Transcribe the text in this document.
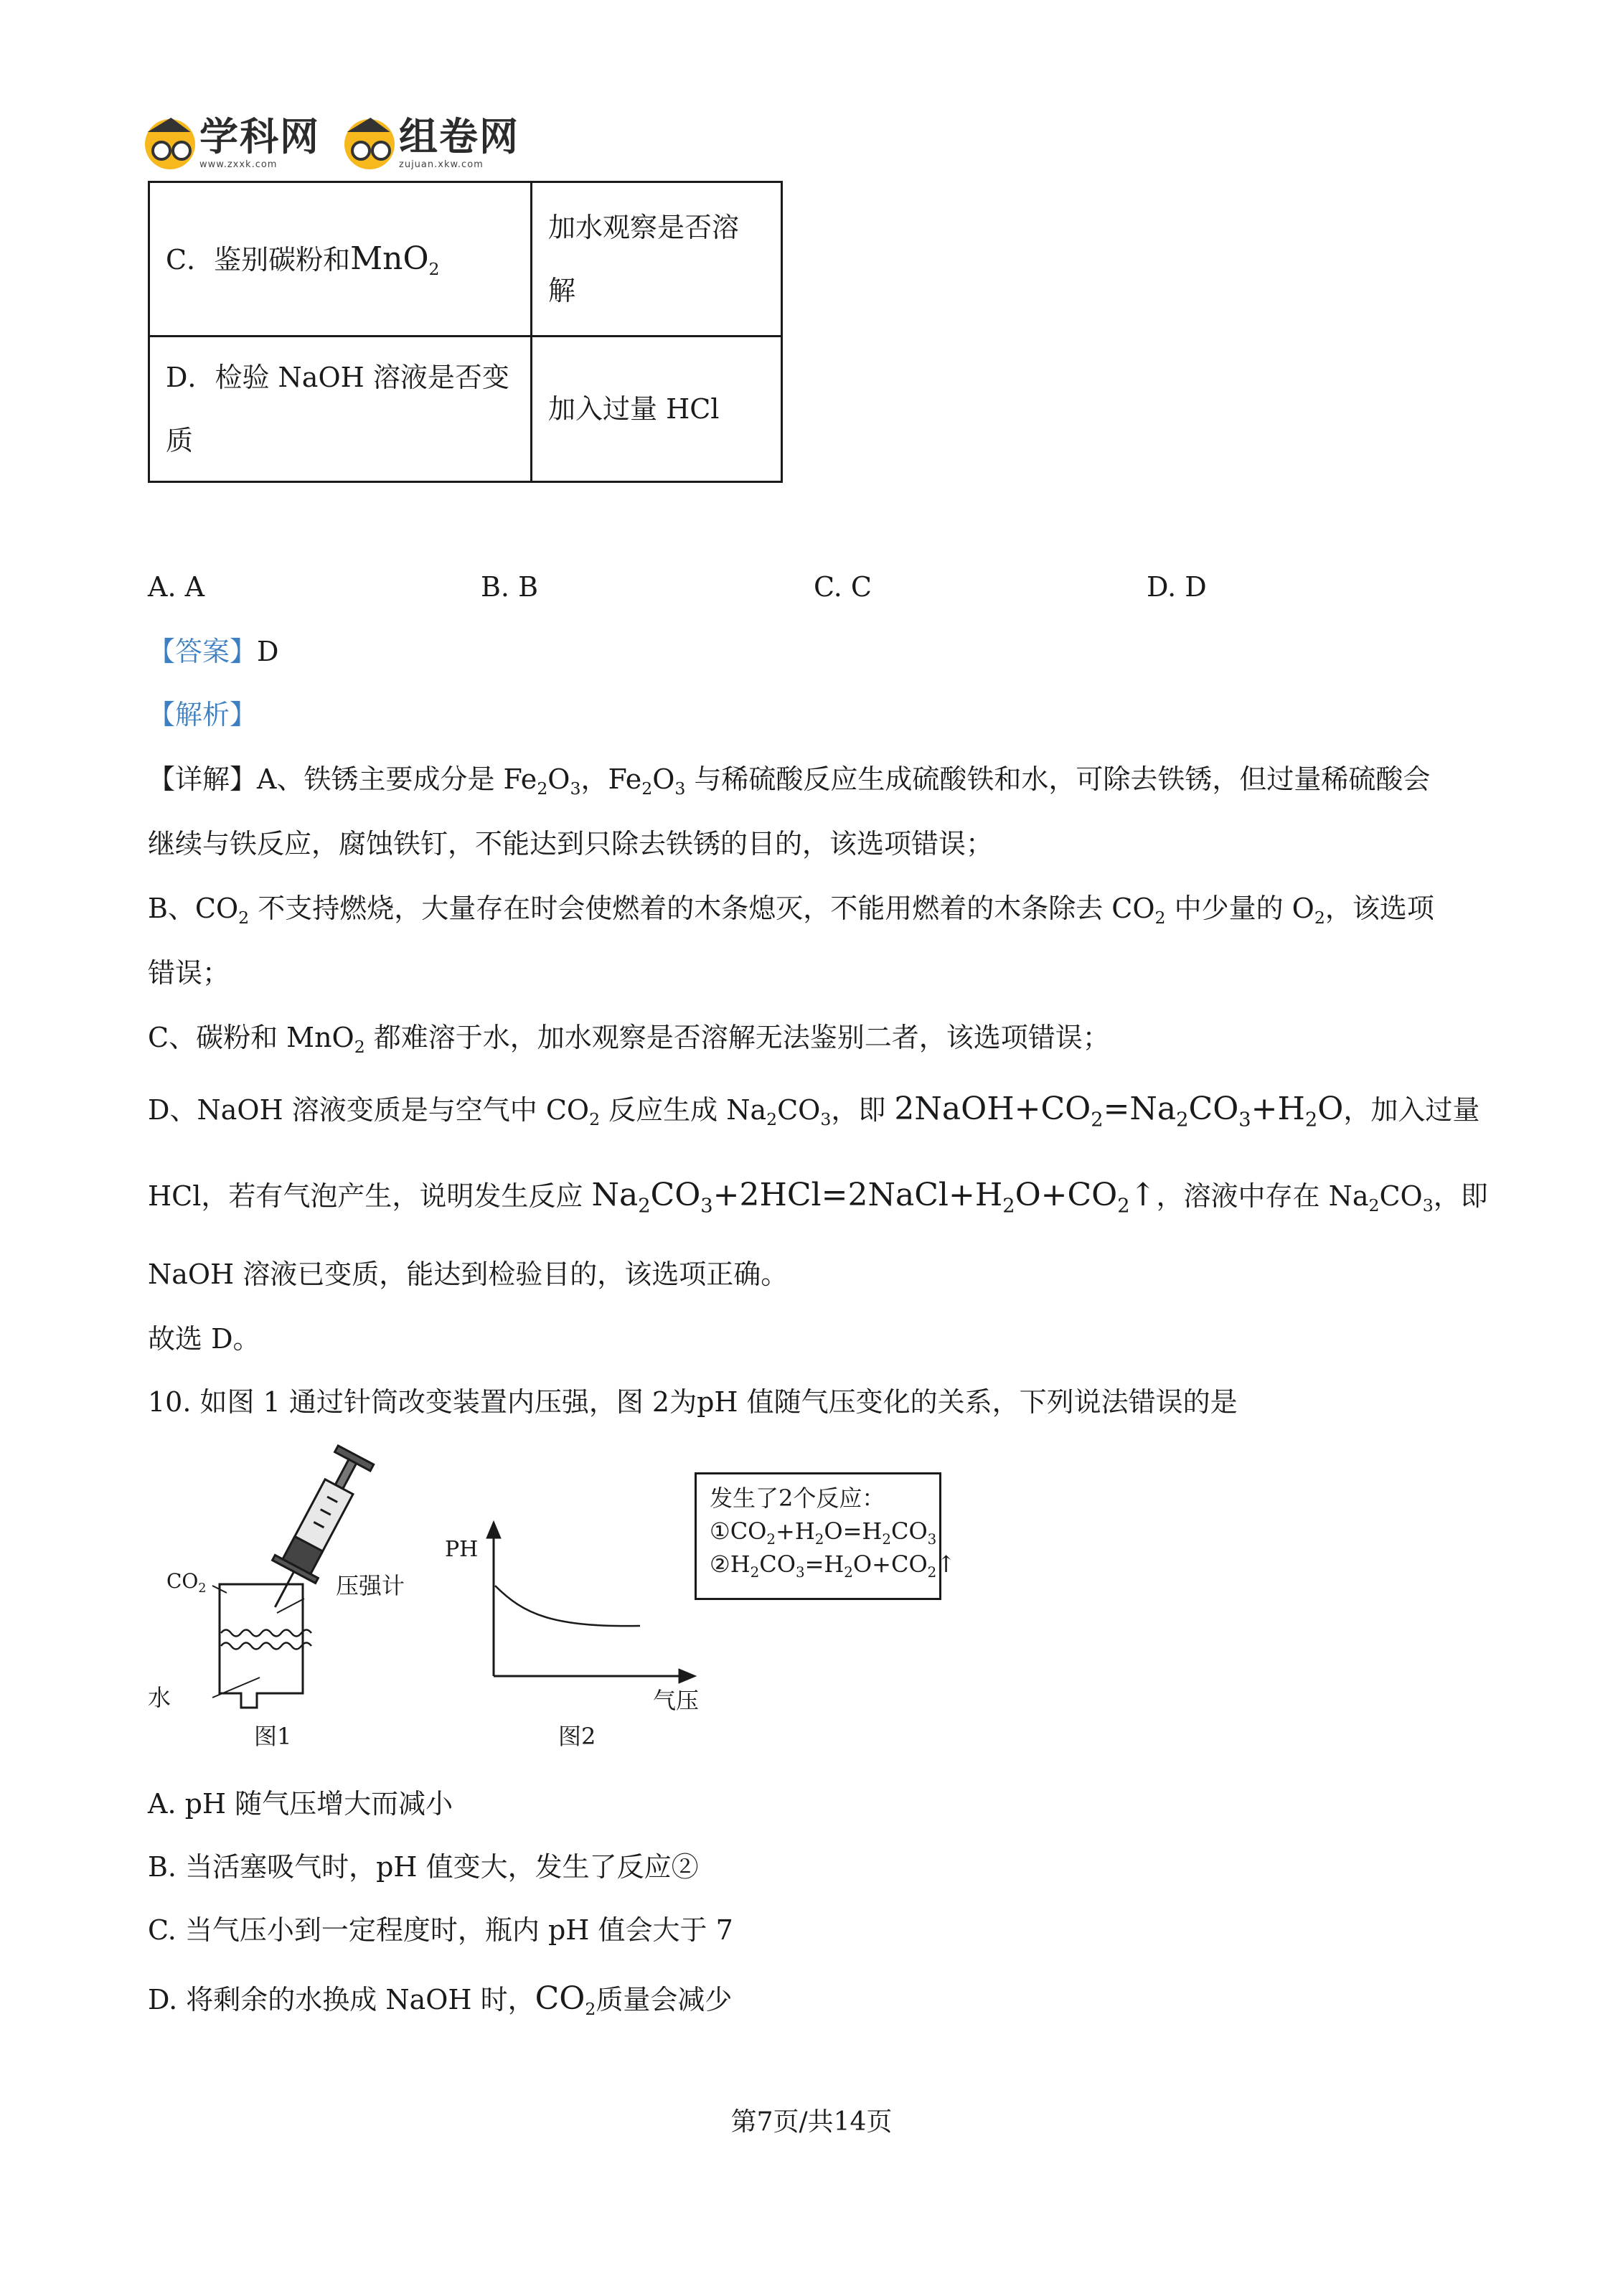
学科网
www.zxxk.com
组卷网
zujuan.xkw.com
C．鉴别碳粉和MnO$_2$	加水观察是否溶
解
D．检验 NaOH 溶液是否变
质	加入过量 HCl
A. A	B. B	C. C	D. D
【答案】D
【解析】
【详解】A、铁锈主要成分是 $Fe_2O_3$，$Fe_2O_3$ 与稀硫酸反应生成硫酸铁和水，可除去铁锈，但过量稀硫酸会
继续与铁反应，腐蚀铁钉，不能达到只除去铁锈的目的，该选项错误；
B、$CO_2$ 不支持燃烧，大量存在时会使燃着的木条熄灭，不能用燃着的木条除去 $CO_2$ 中少量的 $O_2$，该选项
错误；
C、碳粉和 MnO$_2$ 都难溶于水，加水观察是否溶解无法鉴别二者，该选项错误；
D、NaOH 溶液变质是与空气中 $CO_2$ 反应生成 $Na_2CO_3$，即 $2NaOH+CO_2=Na_2CO_3+H_2O$，加入过量
HCl，若有气泡产生，说明发生反应 $Na_2CO_3+2HCl=2NaCl+H_2O+CO_2↑$，溶液中存在 $Na_2CO_3$，即
NaOH 溶液已变质，能达到检验目的，该选项正确。
故选 D。
10. 如图 1 通过针筒改变装置内压强，图 2为pH 值随气压变化的关系，下列说法错误的是
$CO_2$	压强计
水
图1
PH
气压
图2
发生了2个反应：
$①CO_2+H_2O=H_2CO_3$
$②H_2CO_3=H_2O+CO_2↑$
A. pH 随气压增大而减小
B. 当活塞吸气时，pH 值变大，发生了反应②
C. 当气压小到一定程度时，瓶内 pH 值会大于 7
D. 将剩余的水换成 NaOH 时，$CO_2$质量会减少
第7页/共14页
